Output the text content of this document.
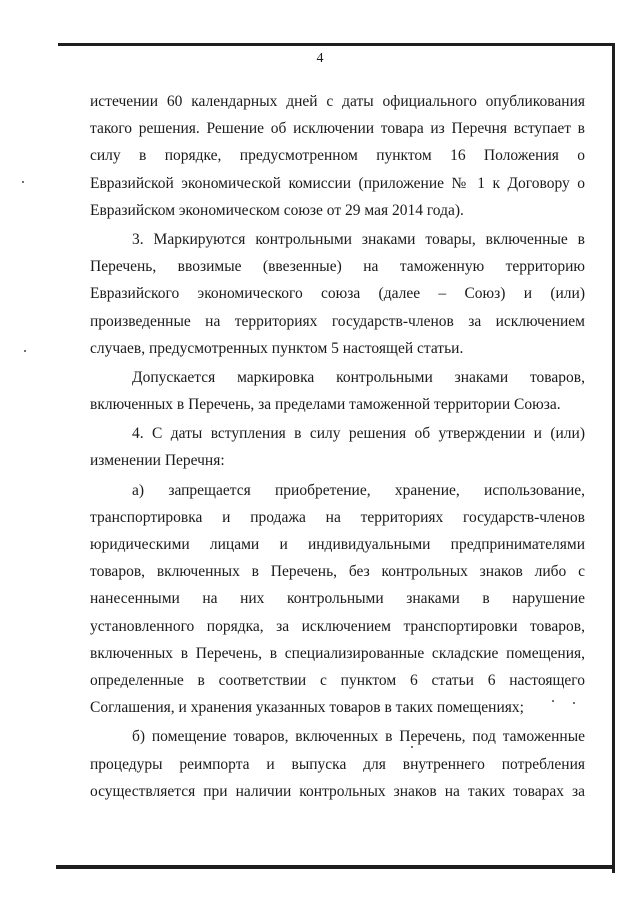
4
истечении 60 календарных дней с даты официального опубликования
такого решения. Решение об исключении товара из Перечня вступает в
силу в порядке, предусмотренном пунктом 16 Положения о
Евразийской экономической комиссии (приложение № 1 к Договору о
Евразийском экономическом союзе от 29 мая 2014 года).
3. Маркируются контрольными знаками товары, включенные в
Перечень, ввозимые (ввезенные) на таможенную территорию
Евразийского экономического союза (далее – Союз) и (или)
произведенные на территориях государств-членов за исключением
случаев, предусмотренных пунктом 5 настоящей статьи.
Допускается маркировка контрольными знаками товаров,
включенных в Перечень, за пределами таможенной территории Союза.
4. С даты вступления в силу решения об утверждении и (или)
изменении Перечня:
а) запрещается приобретение, хранение, использование,
транспортировка и продажа на территориях государств-членов
юридическими лицами и индивидуальными предпринимателями
товаров, включенных в Перечень, без контрольных знаков либо с
нанесенными на них контрольными знаками в нарушение
установленного порядка, за исключением транспортировки товаров,
включенных в Перечень, в специализированные складские помещения,
определенные в соответствии с пунктом 6 статьи 6 настоящего
Соглашения, и хранения указанных товаров в таких помещениях;
б) помещение товаров, включенных в Перечень, под таможенные
процедуры реимпорта и выпуска для внутреннего потребления
осуществляется при наличии контрольных знаков на таких товарах за
